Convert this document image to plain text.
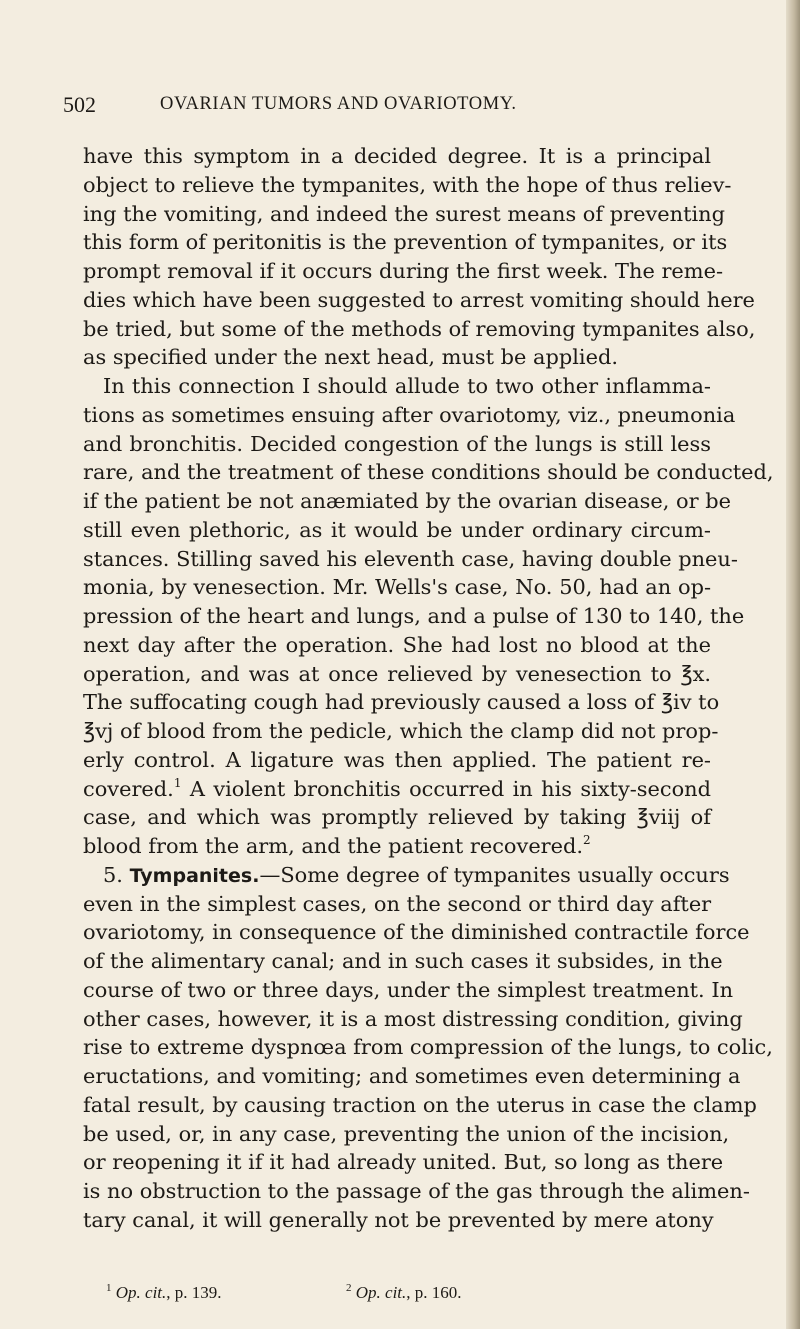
502	OVARIAN TUMORS AND OVARIOTOMY.
have this symptom in a decided degree. It is a principal
object to relieve the tympanites, with the hope of thus reliev-
ing the vomiting, and indeed the surest means of preventing
this form of peritonitis is the prevention of tympanites, or its
prompt removal if it occurs during the first week. The reme-
dies which have been suggested to arrest vomiting should here
be tried, but some of the methods of removing tympanites also,
as specified under the next head, must be applied.
In this connection I should allude to two other inflamma-
tions as sometimes ensuing after ovariotomy, viz., pneumonia
and bronchitis. Decided congestion of the lungs is still less
rare, and the treatment of these conditions should be conducted,
if the patient be not anæmiated by the ovarian disease, or be
still even plethoric, as it would be under ordinary circum-
stances. Stilling saved his eleventh case, having double pneu-
monia, by venesection. Mr. Wells's case, No. 50, had an op-
pression of the heart and lungs, and a pulse of 130 to 140, the
next day after the operation. She had lost no blood at the
operation, and was at once relieved by venesection to ℥x.
The suffocating cough had previously caused a loss of ℥iv to
℥vj of blood from the pedicle, which the clamp did not prop-
erly control. A ligature was then applied. The patient re-
covered.$^1$ A violent bronchitis occurred in his sixty-second
case, and which was promptly relieved by taking ℥viij of
blood from the arm, and the patient recovered.$^2$
5. Tympanites.—Some degree of tympanites usually occurs
even in the simplest cases, on the second or third day after
ovariotomy, in consequence of the diminished contractile force
of the alimentary canal; and in such cases it subsides, in the
course of two or three days, under the simplest treatment. In
other cases, however, it is a most distressing condition, giving
rise to extreme dyspnœa from compression of the lungs, to colic,
eructations, and vomiting; and sometimes even determining a
fatal result, by causing traction on the uterus in case the clamp
be used, or, in any case, preventing the union of the incision,
or reopening it if it had already united. But, so long as there
is no obstruction to the passage of the gas through the alimen-
tary canal, it will generally not be prevented by mere atony
$^1$ Op. cit., p. 139.	$^2$ Op. cit., p. 160.
